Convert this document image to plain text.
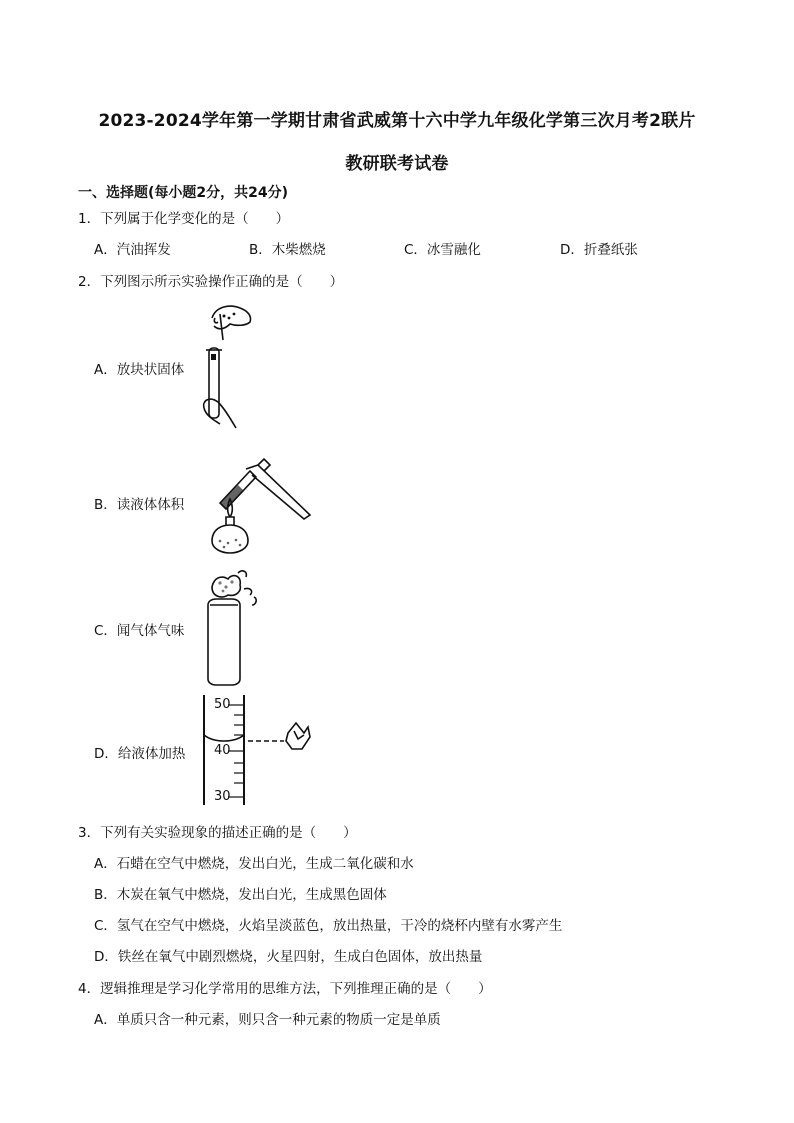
2023-2024学年第一学期甘肃省武威第十六中学九年级化学第三次月考2联片
教研联考试卷
一、选择题(每小题2分，共24分)
1．下列属于化学变化的是（　　）
A．汽油挥发	B．木柴燃烧	C．冰雪融化	D．折叠纸张
2．下列图示所示实验操作正确的是（　　）
A．放块状固体
B．读液体体积
C．闻气体气味
D．给液体加热
50
40
30
3．下列有关实验现象的描述正确的是（　　）
A．石蜡在空气中燃烧，发出白光，生成二氧化碳和水
B．木炭在氧气中燃烧，发出白光，生成黑色固体
C．氢气在空气中燃烧，火焰呈淡蓝色，放出热量，干冷的烧杯内壁有水雾产生
D．铁丝在氧气中剧烈燃烧，火星四射，生成白色固体，放出热量
4．逻辑推理是学习化学常用的思维方法，下列推理正确的是（　　）
A．单质只含一种元素，则只含一种元素的物质一定是单质
